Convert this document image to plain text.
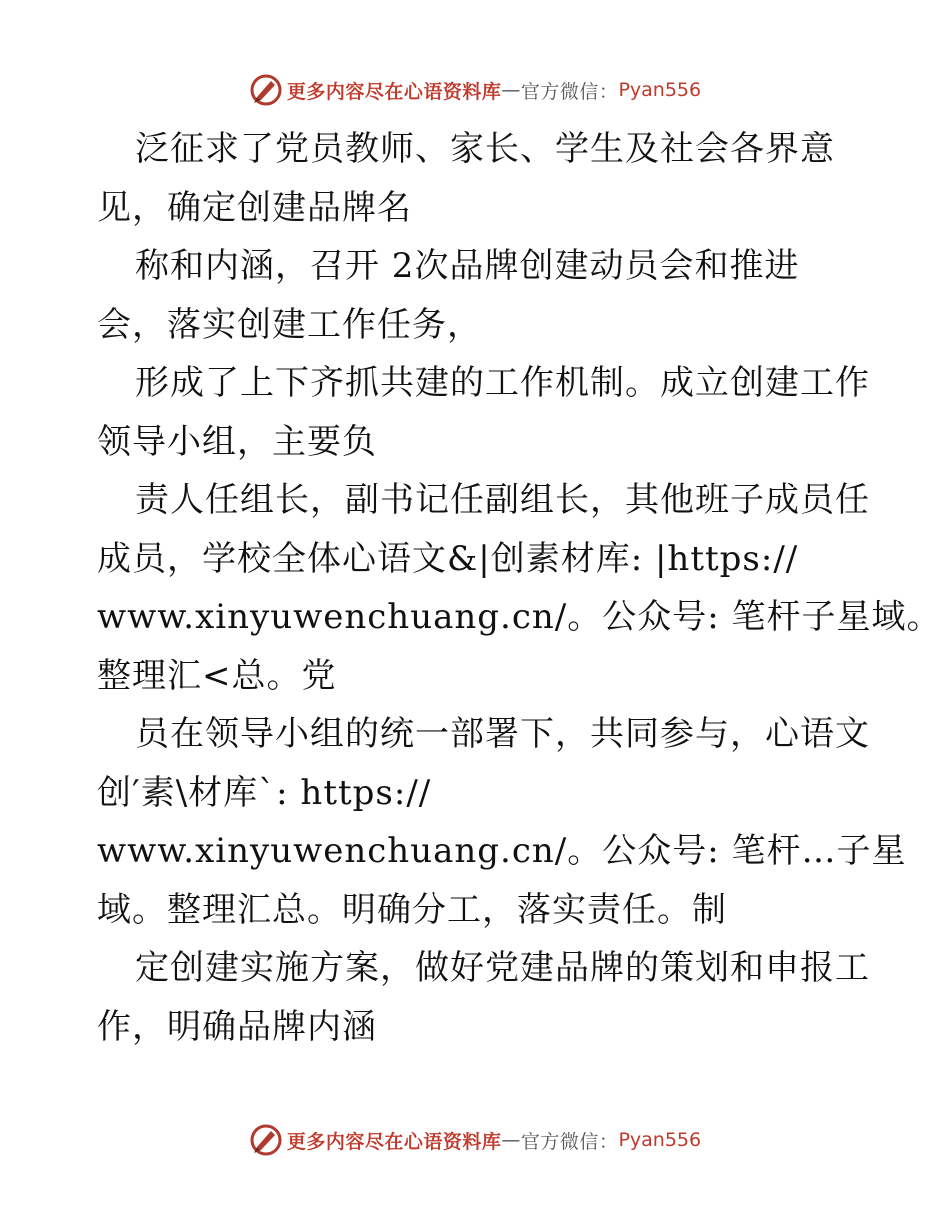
更多内容尽在心语资料库 — 官方微信： Pyan556
泛征求了党员教师、家长、学生及社会各界意
见，确定创建品牌名
称和内涵，召开 2次品牌创建动员会和推进
会，落实创建工作任务，
形成了上下齐抓共建的工作机制。成立创建工作
领导小组，主要负
责人任组长，副书记任副组长，其他班子成员任
成员，学校全体心语文&|创素材库: |https://
www.xinyuwenchuang.cn/。公众号: 笔杆子星域。
整理汇<总。党
员在领导小组的统一部署下，共同参与，心语文
创′素\材库`: https://
www.xinyuwenchuang.cn/。公众号: 笔杆…子星
域。整理汇总。明确分工，落实责任。制
定创建实施方案，做好党建品牌的策划和申报工
作，明确品牌内涵
更多内容尽在心语资料库 — 官方微信： Pyan556
